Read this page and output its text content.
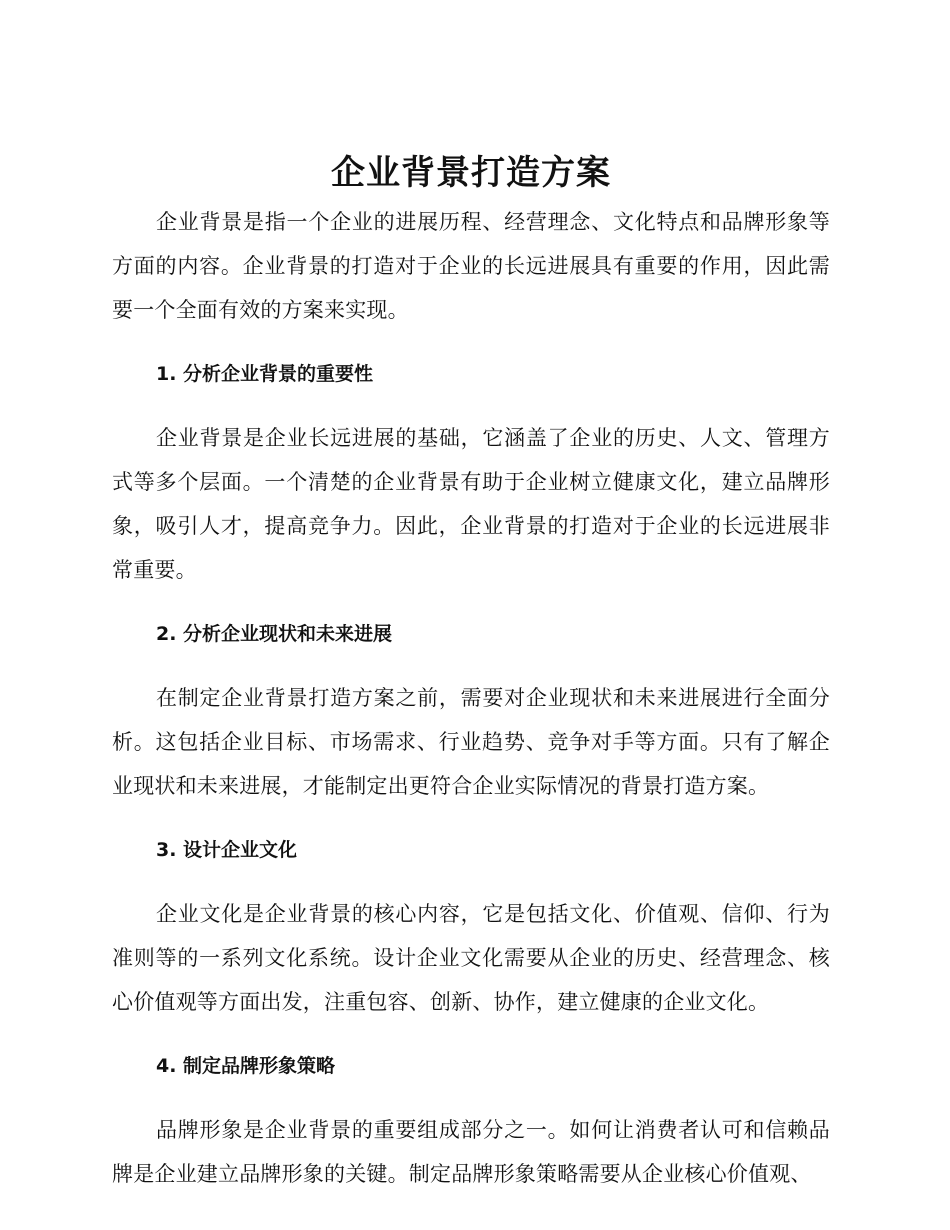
企业背景打造方案

企业背景是指一个企业的进展历程、经营理念、文化特点和品牌形象等方面的内容。企业背景的打造对于企业的长远进展具有重要的作用，因此需要一个全面有效的方案来实现。

1. 分析企业背景的重要性

企业背景是企业长远进展的基础，它涵盖了企业的历史、人文、管理方式等多个层面。一个清楚的企业背景有助于企业树立健康文化，建立品牌形象，吸引人才，提高竞争力。因此，企业背景的打造对于企业的长远进展非常重要。

2. 分析企业现状和未来进展

在制定企业背景打造方案之前，需要对企业现状和未来进展进行全面分析。这包括企业目标、市场需求、行业趋势、竞争对手等方面。只有了解企业现状和未来进展，才能制定出更符合企业实际情况的背景打造方案。

3. 设计企业文化

企业文化是企业背景的核心内容，它是包括文化、价值观、信仰、行为准则等的一系列文化系统。设计企业文化需要从企业的历史、经营理念、核心价值观等方面出发，注重包容、创新、协作，建立健康的企业文化。

4. 制定品牌形象策略

品牌形象是企业背景的重要组成部分之一。如何让消费者认可和信赖品牌是企业建立品牌形象的关键。制定品牌形象策略需要从企业核心价值观、
